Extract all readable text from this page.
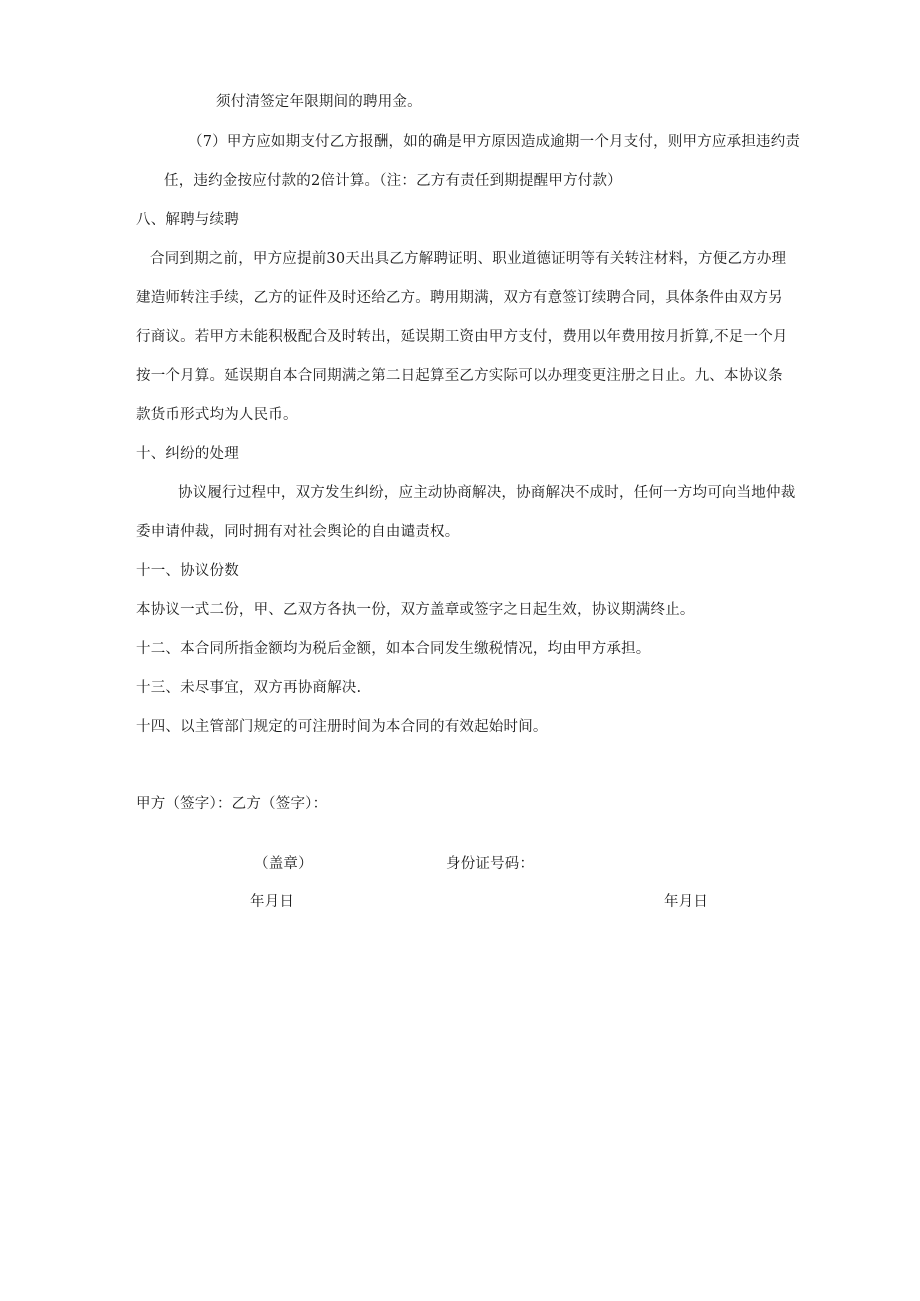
须付清签定年限期间的聘用金。
（7）甲方应如期支付乙方报酬，如的确是甲方原因造成逾期一个月支付，则甲方应承担违约责
任，违约金按应付款的2倍计算。（注：乙方有责任到期提醒甲方付款）
八、解聘与续聘
合同到期之前，甲方应提前30天出具乙方解聘证明、职业道德证明等有关转注材料，方便乙方办理
建造师转注手续，乙方的证件及时还给乙方。聘用期满，双方有意签订续聘合同，具体条件由双方另
行商议。若甲方未能积极配合及时转出，延误期工资由甲方支付，费用以年费用按月折算,不足一个月
按一个月算。延误期自本合同期满之第二日起算至乙方实际可以办理变更注册之日止。九、本协议条
款货币形式均为人民币。
十、纠纷的处理
协议履行过程中，双方发生纠纷，应主动协商解决，协商解决不成时，任何一方均可向当地仲裁
委申请仲裁，同时拥有对社会舆论的自由谴责权。
十一、协议份数
本协议一式二份，甲、乙双方各执一份，双方盖章或签字之日起生效，协议期满终止。
十二、本合同所指金额均为税后金额，如本合同发生缴税情况，均由甲方承担。
十三、未尽事宜，双方再协商解决.
十四、以主管部门规定的可注册时间为本合同的有效起始时间。
甲方（签字）：乙方（签字）：
（盖章）	身份证号码：
年月日	年月日
